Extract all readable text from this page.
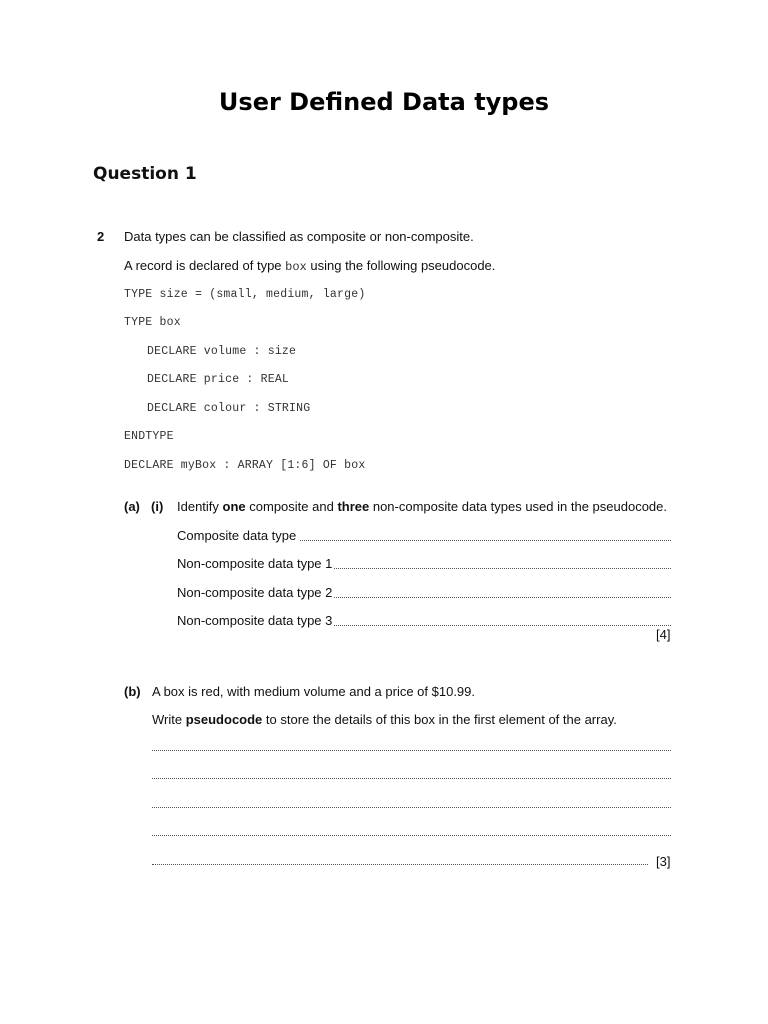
User Defined Data types
Question 1
2 Data types can be classified as composite or non-composite.
A record is declared of type box using the following pseudocode.
TYPE size = (small, medium, large)
TYPE box
DECLARE volume : size
DECLARE price : REAL
DECLARE colour : STRING
ENDTYPE
DECLARE myBox : ARRAY [1:6] OF box
(a) (i) Identify one composite and three non-composite data types used in the pseudocode.
Composite data type
Non-composite data type 1
Non-composite data type 2
Non-composite data type 3
[4]
(b) A box is red, with medium volume and a price of $10.99.
Write pseudocode to store the details of this box in the first element of the array.
[3]
